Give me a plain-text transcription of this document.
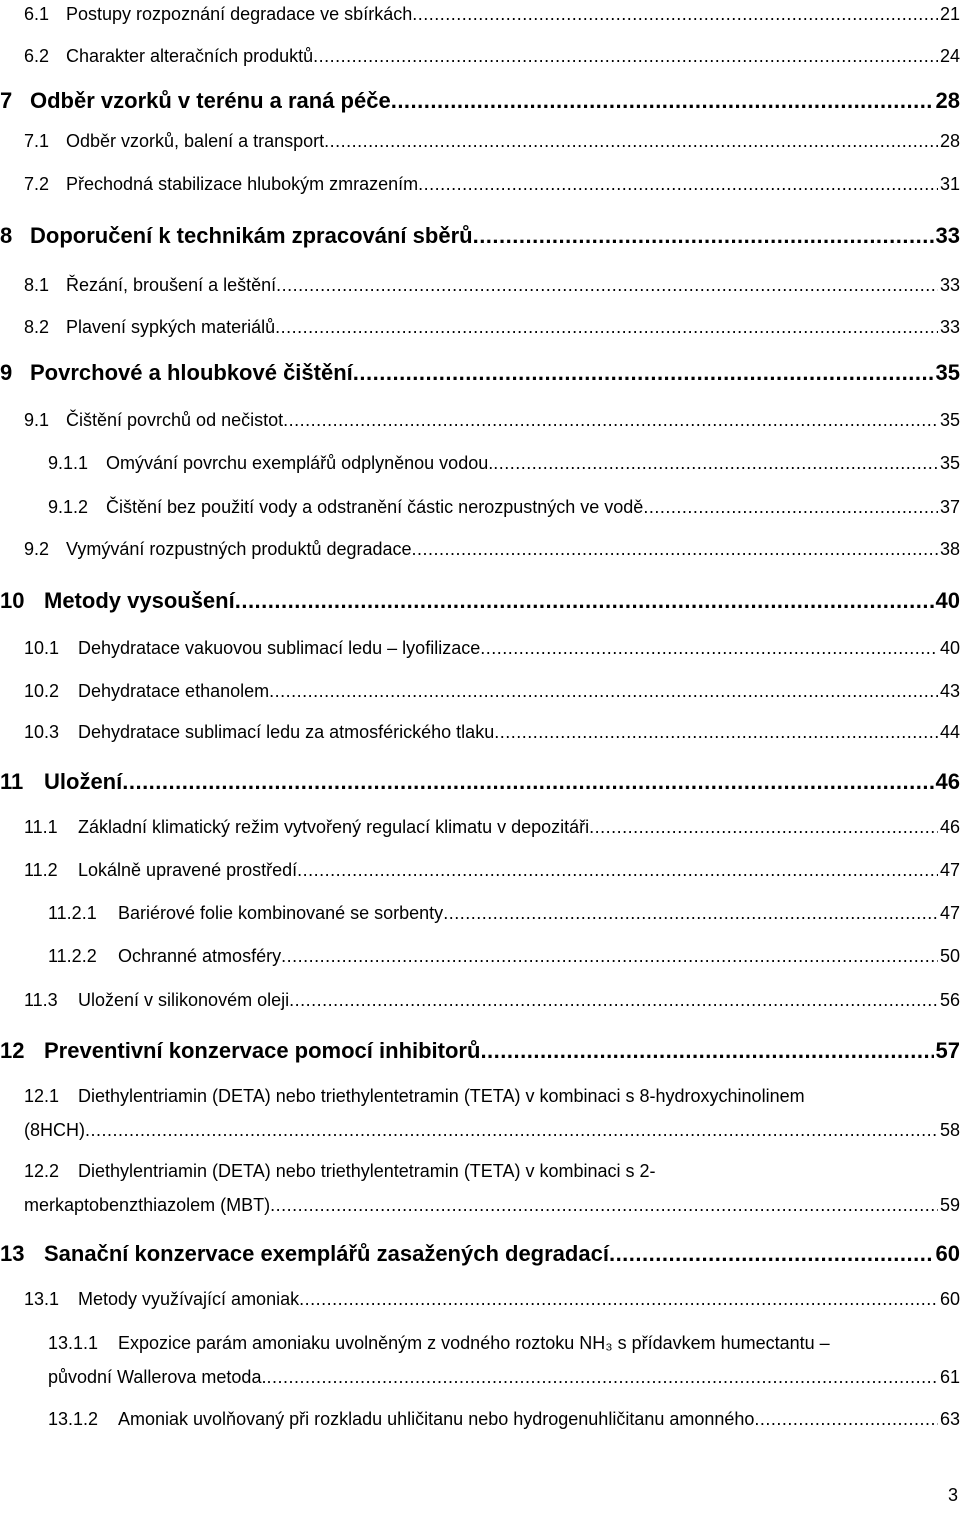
6.1 Postupy rozpoznání degradace ve sbírkách .....	21
6.2 Charakter alteračních produktů .....	24
7 Odběr vzorků v terénu a raná péče .....	28
7.1 Odběr vzorků, balení a transport .....	28
7.2 Přechodná stabilizace hlubokým zmrazením .....	31
8 Doporučení k technikám zpracování sběrů .....	33
8.1 Řezání, broušení a leštění .....	33
8.2 Plavení sypkých materiálů .....	33
9 Povrchové a hloubkové čištění .....	35
9.1 Čištění povrchů od nečistot .....	35
9.1.1 Omývání povrchu exemplářů odplyněnou vodou. .....	35
9.1.2 Čištění bez použití vody a odstranění částic nerozpustných ve vodě .....	37
9.2 Vymývání rozpustných produktů degradace .....	38
10 Metody vysoušení .....	40
10.1	Dehydratace vakuovou sublimací ledu – lyofilizace .....	40
10.2	Dehydratace ethanolem .....	43
10.3	Dehydratace sublimací ledu za atmosférického tlaku .....	44
11 Uložení .....	46
11.1	Základní klimatický režim vytvořený regulací klimatu v depozitáři .....	46
11.2	Lokálně upravené prostředí .....	47
11.2.1	Bariérové folie kombinované se sorbenty .....	47
11.2.2	Ochranné atmosféry .....	50
11.3	Uložení v silikonovém oleji .....	56
12 Preventivní konzervace pomocí inhibitorů .....	57
12.1	Diethylentriamin (DETA) nebo triethylentetramin (TETA) v kombinaci s 8-hydroxychinolinem
(8HCH) .....	58
12.2	Diethylentriamin (DETA) nebo triethylentetramin (TETA) v kombinaci s 2-
merkaptobenzthiazolem (MBT) .....	59
13 Sanační konzervace exemplářů zasažených degradací .....	60
13.1	Metody využívající amoniak .....	60
13.1.1	Expozice parám amoniaku uvolněným z vodného roztoku NH₃ s přídavkem humectantu –
původní Wallerova metoda. .....	61
13.1.2	Amoniak uvolňovaný při rozkladu uhličitanu nebo hydrogenuhličitanu amonného .....	63
3
